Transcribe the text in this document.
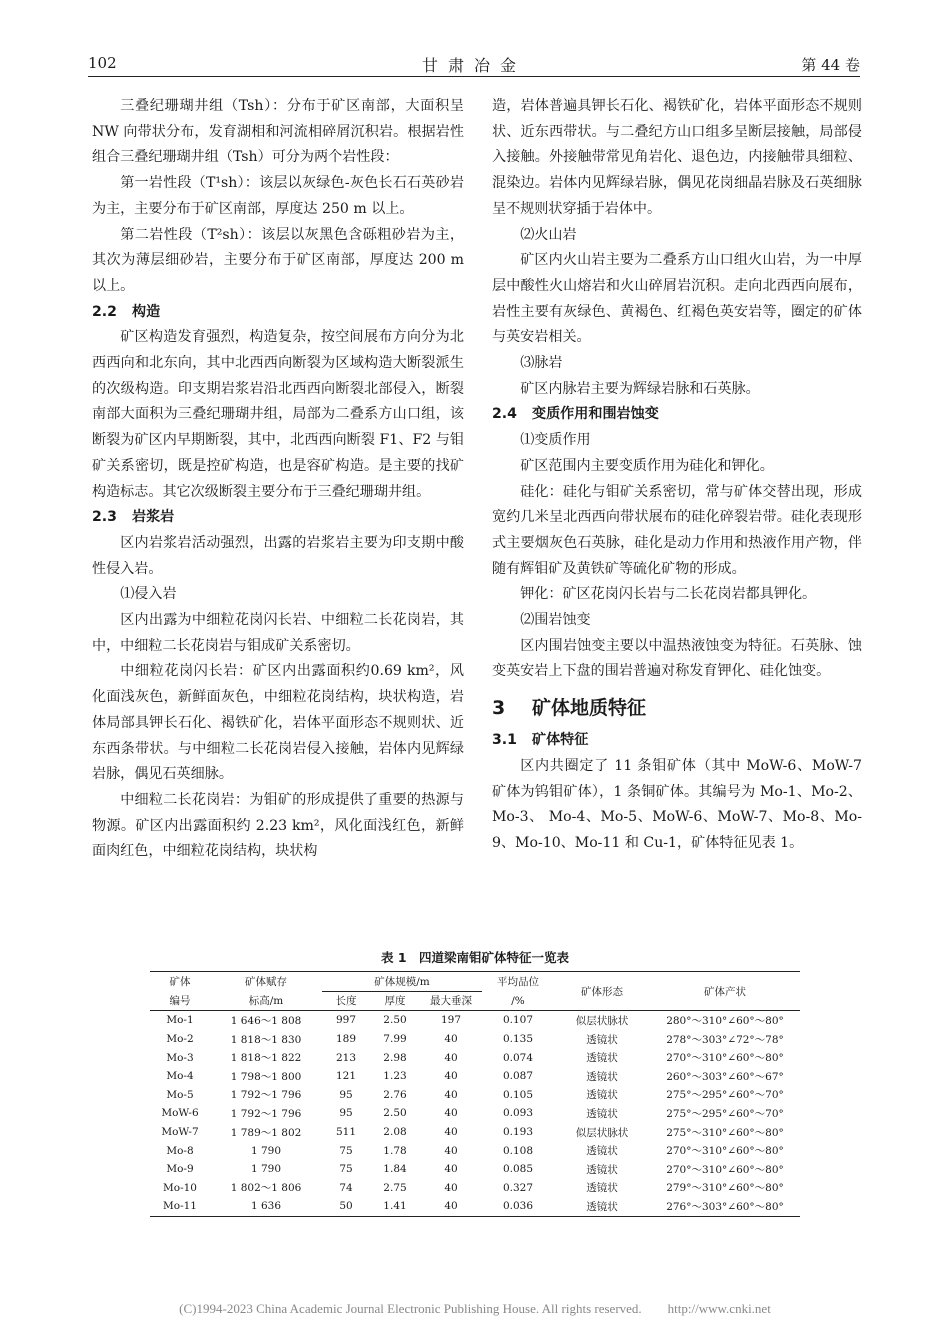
102	甘肃冶金	第 44 卷

三叠纪珊瑚井组（Tsh）：分布于矿区南部，大面积呈 NW 向带状分布，发育湖相和河流相碎屑沉积岩。根据岩性组合三叠纪珊瑚井组（Tsh）可分为两个岩性段：

第一岩性段（T¹sh）：该层以灰绿色-灰色长石石英砂岩为主，主要分布于矿区南部，厚度达 250 m 以上。

第二岩性段（T²sh）：该层以灰黑色含砾粗砂岩为主，其次为薄层细砂岩，主要分布于矿区南部，厚度达 200 m 以上。

2.2 构造

矿区构造发育强烈，构造复杂，按空间展布方向分为北西西向和北东向，其中北西西向断裂为区域构造大断裂派生的次级构造。印支期岩浆岩沿北西西向断裂北部侵入，断裂南部大面积为三叠纪珊瑚井组，局部为二叠系方山口组，该断裂为矿区内早期断裂，其中，北西西向断裂 F1、F2 与钼矿关系密切，既是控矿构造，也是容矿构造。是主要的找矿构造标志。其它次级断裂主要分布于三叠纪珊瑚井组。

2.3 岩浆岩

区内岩浆岩活动强烈，出露的岩浆岩主要为印支期中酸性侵入岩。

⑴侵入岩

区内出露为中细粒花岗闪长岩、中细粒二长花岗岩，其中，中细粒二长花岗岩与钼成矿关系密切。

中细粒花岗闪长岩：矿区内出露面积约0.69 km²，风化面浅灰色，新鲜面灰色，中细粒花岗结构，块状构造，岩体局部具钾长石化、褐铁矿化，岩体平面形态不规则状、近东西条带状。与中细粒二长花岗岩侵入接触，岩体内见辉绿岩脉，偶见石英细脉。

中细粒二长花岗岩：为钼矿的形成提供了重要的热源与物源。矿区内出露面积约 2.23 km²，风化面浅红色，新鲜面肉红色，中细粒花岗结构，块状构

造，岩体普遍具钾长石化、褐铁矿化，岩体平面形态不规则状、近东西带状。与二叠纪方山口组多呈断层接触，局部侵入接触。外接触带常见角岩化、退色边，内接触带具细粒、混染边。岩体内见辉绿岩脉，偶见花岗细晶岩脉及石英细脉呈不规则状穿插于岩体中。

⑵火山岩

矿区内火山岩主要为二叠系方山口组火山岩，为一中厚层中酸性火山熔岩和火山碎屑岩沉积。走向北西西向展布，岩性主要有灰绿色、黄褐色、红褐色英安岩等，圈定的矿体与英安岩相关。

⑶脉岩

矿区内脉岩主要为辉绿岩脉和石英脉。

2.4 变质作用和围岩蚀变

⑴变质作用

矿区范围内主要变质作用为硅化和钾化。

硅化：硅化与钼矿关系密切，常与矿体交替出现，形成宽约几米呈北西西向带状展布的硅化碎裂岩带。硅化表现形式主要烟灰色石英脉，硅化是动力作用和热液作用产物，伴随有辉钼矿及黄铁矿等硫化矿物的形成。

钾化：矿区花岗闪长岩与二长花岗岩都具钾化。

⑵围岩蚀变

区内围岩蚀变主要以中温热液蚀变为特征。石英脉、蚀变英安岩上下盘的围岩普遍对称发育钾化、硅化蚀变。

3 矿体地质特征
3.1 矿体特征

区内共圈定了 11 条钼矿体（其中 MoW-6、MoW-7 矿体为钨钼矿体），1 条铜矿体。其编号为 Mo-1、Mo-2、 Mo-3、 Mo-4、Mo-5、MoW-6、MoW-7、Mo-8、Mo-9、Mo-10、Mo-11 和 Cu-1，矿体特征见表 1。

表 1　四道梁南钼矿体特征一览表
矿体	矿体赋存	矿体规模/m			平均品位	矿体形态	矿体产状
编号	标高/m	长度	厚度	最大垂深	/%		
Mo-1	1 646～1 808	997	2.50	197	0.107	似层状脉状	280°～310°∠60°～80°
Mo-2	1 818～1 830	189	7.99	40	0.135	透镜状	278°～303°∠72°～78°
Mo-3	1 818～1 822	213	2.98	40	0.074	透镜状	270°～310°∠60°～80°
Mo-4	1 798～1 800	121	1.23	40	0.087	透镜状	260°～303°∠60°～67°
Mo-5	1 792～1 796	95	2.76	40	0.105	透镜状	275°～295°∠60°～70°
MoW-6	1 792～1 796	95	2.50	40	0.093	透镜状	275°～295°∠60°～70°
MoW-7	1 789～1 802	511	2.08	40	0.193	似层状脉状	275°～310°∠60°～80°
Mo-8	1 790	75	1.78	40	0.108	透镜状	270°～310°∠60°～80°
Mo-9	1 790	75	1.84	40	0.085	透镜状	270°～310°∠60°～80°
Mo-10	1 802～1 806	74	2.75	40	0.327	透镜状	279°～310°∠60°～80°
Mo-11	1 636	50	1.41	40	0.036	透镜状	276°～303°∠60°～80°
(C)1994-2023 China Academic Journal Electronic Publishing House. All rights reserved.　　http://www.cnki.net
